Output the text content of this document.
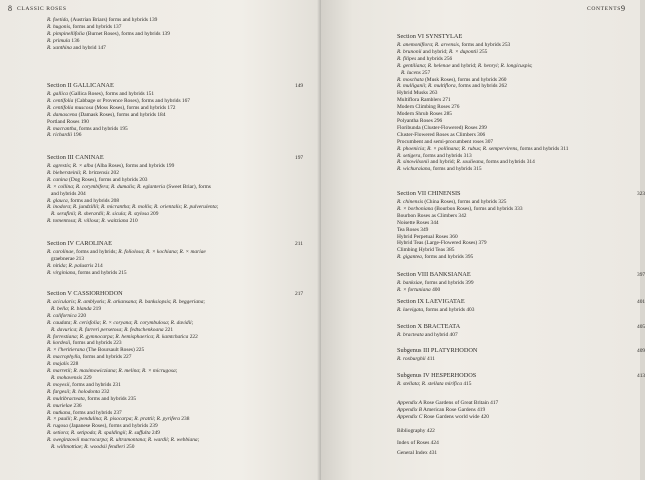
8 CLASSIC ROSES
R. foetida, (Austrian Briars) forms and hybrids 139
R. hugonis, forms and hybrids 137
R. pimpinellifolia (Burnet Roses), forms and hybrids 139
R. primula 136
R. xanthina and hybrid 147
Section II GALLICANAE	149
R. gallica (Gallica Roses), forms and hybrids 151
R. centifolia (Cabbage or Provence Roses), forms and hybrids 167
R. centifolia muscosa (Moss Roses), forms and hybrids 172
R. damascena (Damask Roses), forms and hybrids 184
Portland Roses 190
R. macrantha, forms and hybrids 195
R. richardii 196
Section III CANINAE	197
R. agrestis; R. × alba (Alba Roses), forms and hybrids 199
R. biebersteinii; R. britzensis 202
R. canina (Dog Roses), forms and hybrids 203
R. × collina; R. corymbifera; R. dumalis; R. eglanteria (Sweet Briar), forms
and hybrids 204
R. glauca, forms and hybrids 208
R. inodora; R. jundzillii; R. micrantha; R. mollis; R. orientalis; R. pulverulenta;
R. serafinii; R. sherardii; R. sicula; R. stylosa 209
R. tomentosa; R. villosa; R. waitziana 210
Section IV CAROLINAE	211
R. carolinae, forms and hybrids; R. foliolosa; R. × kochiana; R. × mariae
graebnerae 213
R. nitida; R. palustris 214
R. virginiana, forms and hybrids 215
Section V CASSIORHODON	217
R. acicularis; R. amblyotis; R. arkansana; R. banksiopsis; R. beggeriana;
R. bella; R. blanda 219
R. californica 220
R. caudata; R. cerisfolia; R. × coryana; R. corymbulosa; R. davidii;
R. davurica; R. farreri persetosa; R. fedtschenkoana 221
R. forrestiana; R. gymnocarpa; R. hemisphaerica; R. kamtchatica 222
R. kordesii, forms and hybrids 223
R. × l'heritierana (The Boursault Roses) 225
R. macrophylla, forms and hybrids 227
R. majalis 228
R. marretii; R. maximowicziana; R. melina; R. × micrugosa;
R. mohavensis 229
R. moyesii, forms and hybrids 231
R. fargesii; R. holodonta 232
R. multibracteata, forms and hybrids 235
R. murielae 236
R. nutkana, forms and hybrids 237
R. × paulii; R. pendulina; R. pisocarpa; R. prattii; R. pyrifera 238
R. rugosa (Japanese Roses), forms and hybrids 239
R. setiora; R. setipoda; R. spaldingii; R. suffulta 249
R. sweginzowii macrocarpa; R. ultramontana; R. wardii; R. webbiana;
R. willmottiae; R. woodsii fendleri 250
CONTENTS 9
Section VI SYNSTYLAE
R. anemoniflora; R. arvensis, forms and hybrids 253
R. brunonii and hybrid; R. × dupontii 255
R. filipes and hybrids 256
R. gentiliana; R. helenae and hybrid; R. henryi; R. longicuspis;
R. lucens 257
R. moschata (Musk Roses), forms and hybrids 260
R. mulliganii; R. multiflora, forms and hybrids 262
Hybrid Musks 263
Multiflora Ramblers 271
Modern Climbing Roses 276
Modern Shrub Roses 285
Polyantha Roses 296
Floribunda (Cluster-Flowered) Roses 299
Cluster-Flowered Roses as Climbers 306
Procumbent and semi-procumbent roses 307
R. phoenicia; R. × pollinana; R. rubus; R. sempervirens, forms and hybrids 311
R. setigera, forms and hybrids 313
R. sinowilsonii and hybrid; R. soulieana, forms and hybrids 314
R. wichuraiana, forms and hybrids 315
Section VII CHINENSIS	323
R. chinensis (China Roses), forms and hybrids 325
R. × borboniana (Bourbon Roses), forms and hybrids 333
Bourbon Roses as Climbers 342
Noisette Roses 344
Tea Roses 349
Hybrid Perpetual Roses 360
Hybrid Teas (Large-Flowered Roses) 379
Climbing Hybrid Teas 385
R. gigantea, forms and hybrids 395
Section VIII BANKSIANAE	397
R. banksiae, forms and hybrids 399
R. × fortuniana 400
Section IX LAEVIGATAE	401
R. laevigata, forms and hybrids 403
Section X BRACTEATA	405
R. bracteata and hybrid 407
Subgenus III PLATYRHODON	409
R. roxburghii 411
Subgenus IV HESPERHODOS	413
R. stellata; R. stellata mirifica 415
Appendix A Rose Gardens of Great Britain 417
Appendix B American Rose Gardens 419
Appendix C Rose Gardens world wide 420
Bibliography 422
Index of Roses 424
General Index 431
